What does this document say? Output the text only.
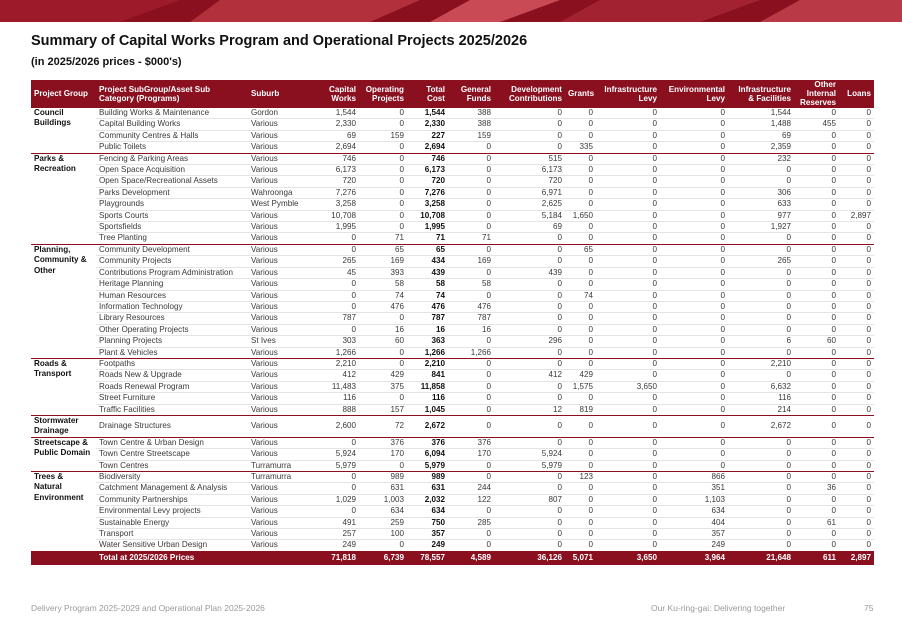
Summary of Capital Works Program and Operational Projects 2025/2026
(in 2025/2026 prices - $000's)
Project Group	Project SubGroup/Asset Sub Category (Programs)	Suburb	Capital Works	Operating Projects	Total Cost	General Funds	Development Contributions	Grants	Infrastructure Levy	Environmental Levy	Infrastructure & Facilities	Other Internal Reserves	Loans
Council Buildings	Building Works & Maintenance	Gordon	1,544	0	1,544	388	0	0	0	0	1,544	0	0
	Capital Building Works	Various	2,330	0	2,330	388	0	0	0	0	1,488	455	0
	Community Centres & Halls	Various	69	159	227	159	0	0	0	0	69	0	0
	Public Toilets	Various	2,694	0	2,694	0	0	335	0	0	2,359	0	0
Parks & Recreation	Fencing & Parking Areas	Various	746	0	746	0	515	0	0	0	232	0	0
	Open Space Acquisition	Various	6,173	0	6,173	0	6,173	0	0	0	0	0	0
	Open Space/Recreational Assets	Various	720	0	720	0	720	0	0	0	0	0	0
	Parks Development	Wahroonga	7,276	0	7,276	0	6,971	0	0	0	306	0	0
	Playgrounds	West Pymble	3,258	0	3,258	0	2,625	0	0	0	633	0	0
	Sports Courts	Various	10,708	0	10,708	0	5,184	1,650	0	0	977	0	2,897
	Sportsfields	Various	1,995	0	1,995	0	69	0	0	0	1,927	0	0
	Tree Planting	Various	0	71	71	71	0	0	0	0	0	0	0
Planning, Community & Other	Community Development	Various	0	65	65	0	0	65	0	0	0	0	0
	Community Projects	Various	265	169	434	169	0	0	0	0	265	0	0
	Contributions Program Administration	Various	45	393	439	0	439	0	0	0	0	0	0
	Heritage Planning	Various	0	58	58	58	0	0	0	0	0	0	0
	Human Resources	Various	0	74	74	0	0	74	0	0	0	0	0
	Information Technology	Various	0	476	476	476	0	0	0	0	0	0	0
	Library Resources	Various	787	0	787	787	0	0	0	0	0	0	0
	Other Operating Projects	Various	0	16	16	16	0	0	0	0	0	0	0
	Planning Projects	St Ives	303	60	363	0	296	0	0	0	6	60	0
	Plant & Vehicles	Various	1,266	0	1,266	1,266	0	0	0	0	0	0	0
Roads & Transport	Footpaths	Various	2,210	0	2,210	0	0	0	0	0	2,210	0	0
	Roads New & Upgrade	Various	412	429	841	0	412	429	0	0	0	0	0
	Roads Renewal Program	Various	11,483	375	11,858	0	0	1,575	3,650	0	6,632	0	0
	Street Furniture	Various	116	0	116	0	0	0	0	0	116	0	0
	Traffic Facilities	Various	888	157	1,045	0	12	819	0	0	214	0	0
Stormwater Drainage	Drainage Structures	Various	2,600	72	2,672	0	0	0	0	0	2,672	0	0
Streetscape & Public Domain	Town Centre & Urban Design	Various	0	376	376	376	0	0	0	0	0	0	0
	Town Centre Streetscape	Various	5,924	170	6,094	170	5,924	0	0	0	0	0	0
	Town Centres	Turramurra	5,979	0	5,979	0	5,979	0	0	0	0	0	0
Trees & Natural Environment	Biodiversity	Turramurra	0	989	989	0	0	123	0	866	0	0	0
	Catchment Management & Analysis	Various	0	631	631	244	0	0	0	351	0	36	0
	Community Partnerships	Various	1,029	1,003	2,032	122	807	0	0	1,103	0	0	0
	Environmental Levy projects	Various	0	634	634	0	0	0	0	634	0	0	0
	Sustainable Energy	Various	491	259	750	285	0	0	0	404	0	61	0
	Transport	Various	257	100	357	0	0	0	0	357	0	0	0
	Water Sensitive Urban Design	Various	249	0	249	0	0	0	0	249	0	0	0
	Total at 2025/2026 Prices		71,818	6,739	78,557	4,589	36,126	5,071	3,650	3,964	21,648	611	2,897
Delivery Program 2025-2029 and Operational Plan 2025-2026	Our Ku-ring-gai: Delivering together	75
